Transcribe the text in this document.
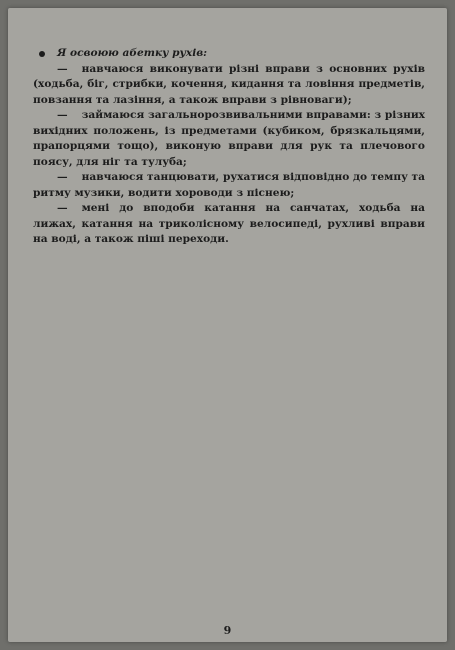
Я освоюю абетку рухів:

— навчаюся виконувати різні вправи з основних рухів (ходьба, біг, стрибки, кочення, кидання та ловіння предметів, повзання та лазіння, а також вправи з рівноваги);

— займаюся загальнорозвивальними вправами: з різних вихідних положень, із предметами (кубиком, брязкальцями, прапорцями тощо), виконую вправи для рук та плечового поясу, для ніг та тулуба;

— навчаюся танцювати, рухатися відповідно до темпу та ритму музики, водити хороводи з піснею;

— мені до вподоби катання на санчатах, ходьба на лижах, катання на триколісному велосипеді, рухливі вправи на воді, а також піші переходи.

9
